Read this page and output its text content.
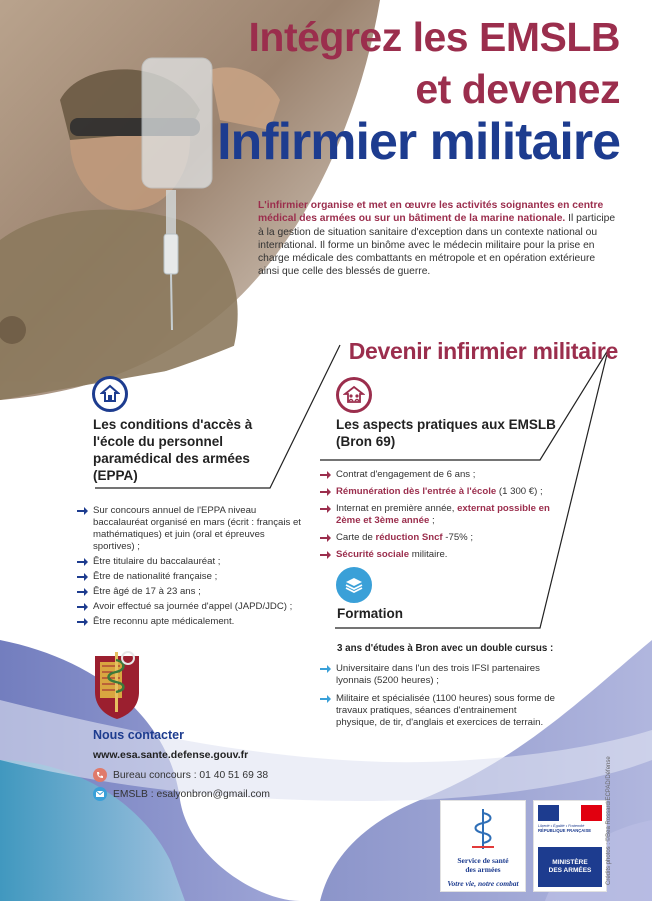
Intégrez les EMSLB
et devenez
Infirmier militaire
L'infirmier organise et met en œuvre les activités soignantes en centre médical des armées ou sur un bâtiment de la marine nationale. Il participe à la gestion de situation sanitaire d'exception dans un contexte national ou international. Il forme un binôme avec le médecin militaire pour la prise en charge médicale des combattants en métropole et en opération extérieure ainsi que celle des blessés de guerre.
Devenir infirmier militaire
Les conditions d'accès à l'école du personnel paramédical des armées (EPPA)
Sur concours annuel de l'EPPA niveau baccalauréat organisé en mars (écrit : français et mathématiques) et juin (oral et épreuves sportives) ;
Être titulaire du baccalauréat ;
Être de nationalité française ;
Être âgé de 17 à 23 ans ;
Avoir effectué sa journée d'appel (JAPD/JDC) ;
Être reconnu apte médicalement.
Les aspects pratiques aux EMSLB (Bron 69)
Contrat d'engagement de 6 ans ;
Rémunération dès l'entrée à l'école (1 300 €) ;
Internat en première année, externat possible en 2ème et 3ème année ;
Carte de réduction Sncf -75% ;
Sécurité sociale militaire.
Formation
3 ans d'études à Bron avec un double cursus :
Universitaire dans l'un des trois IFSI partenaires lyonnais (5200 heures) ;
Militaire et spécialisée (1100 heures) sous forme de travaux pratiques, séances d'entrainement physique, de tir, d'anglais et exercices de terrain.
Nous contacter
www.esa.sante.defense.gouv.fr
Bureau concours : 01 40 51 69 38
EMSLB : esalyonbron@gmail.com
Service de santé
des armées
Votre vie, notre combat
Liberté • Égalité • Fraternité
RÉPUBLIQUE FRANÇAISE
MINISTÈRE
DES ARMÉES Crédits photos : ©Bea Rossard/ECPAD/Défense
